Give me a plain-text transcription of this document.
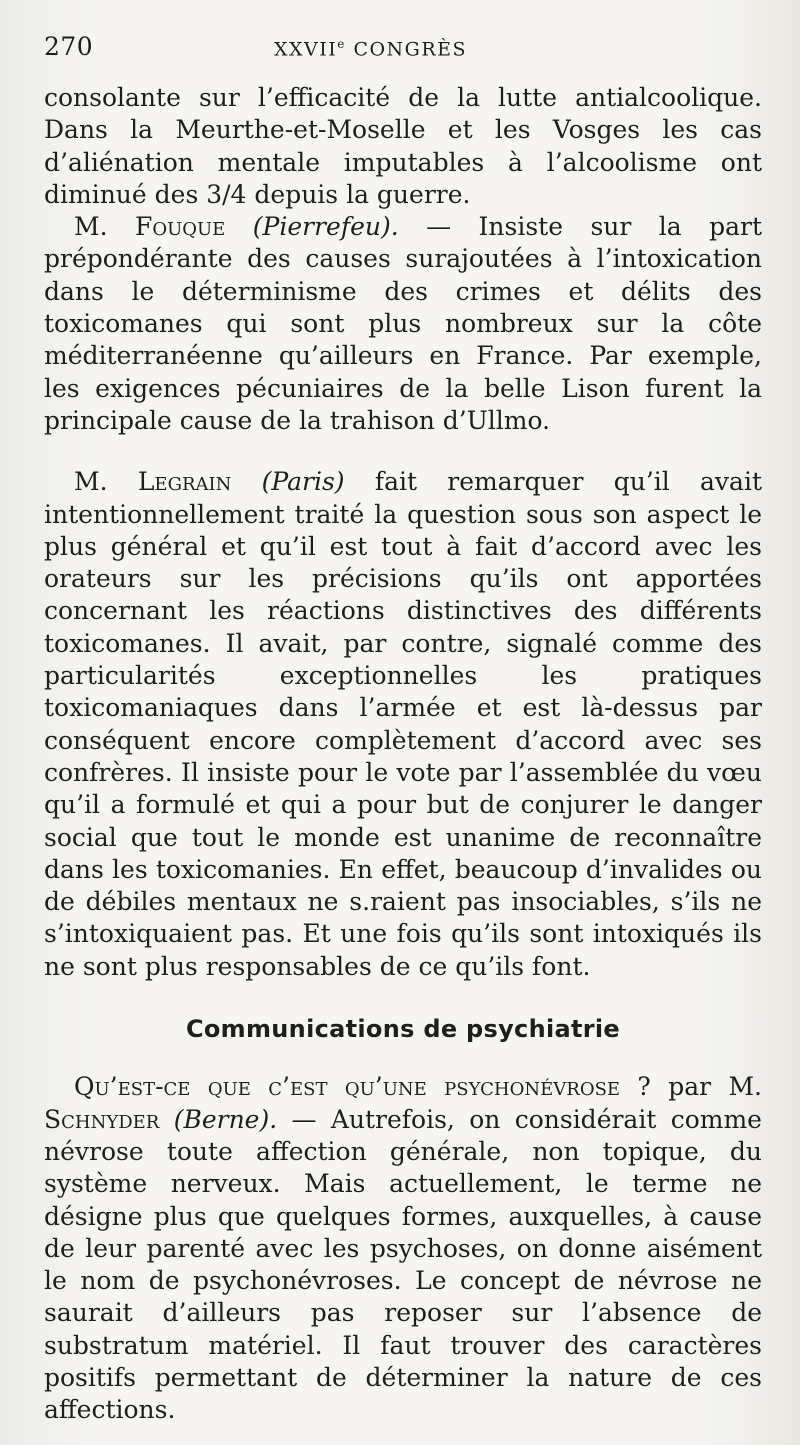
270	XXVIIe CONGRÈS

consolante sur l’efficacité de la lutte antialcoolique. Dans la Meurthe-et-Moselle et les Vosges les cas d’aliénation mentale imputables à l’alcoolisme ont diminué des 3/4 depuis la guerre.

M. Fouque (Pierrefeu). — Insiste sur la part prépondérante des causes surajoutées à l’intoxication dans le déterminisme des crimes et délits des toxicomanes qui sont plus nombreux sur la côte méditerranéenne qu’ailleurs en France. Par exemple, les exigences pécuniaires de la belle Lison furent la principale cause de la trahison d’Ullmo.

M. Legrain (Paris) fait remarquer qu’il avait intentionnellement traité la question sous son aspect le plus général et qu’il est tout à fait d’accord avec les orateurs sur les précisions qu’ils ont apportées concernant les réactions distinctives des différents toxicomanes. Il avait, par contre, signalé comme des particularités exceptionnelles les pratiques toxicomaniaques dans l’armée et est là-dessus par conséquent encore complètement d’accord avec ses confrères. Il insiste pour le vote par l’assemblée du vœu qu’il a formulé et qui a pour but de conjurer le danger social que tout le monde est unanime de reconnaître dans les toxicomanies. En effet, beaucoup d’invalides ou de débiles mentaux ne s.raient pas insociables, s’ils ne s’intoxiquaient pas. Et une fois qu’ils sont intoxiqués ils ne sont plus responsables de ce qu’ils font.

Communications de psychiatrie

Qu’est-ce que c’est qu’une psychonévrose ? par M. Schnyder (Berne). — Autrefois, on considérait comme névrose toute affection générale, non topique, du système nerveux. Mais actuellement, le terme ne désigne plus que quelques formes, auxquelles, à cause de leur parenté avec les psychoses, on donne aisément le nom de psychonévroses. Le concept de névrose ne saurait d’ailleurs pas reposer sur l’absence de substratum matériel. Il faut trouver des caractères positifs permettant de déterminer la nature de ces affections.
